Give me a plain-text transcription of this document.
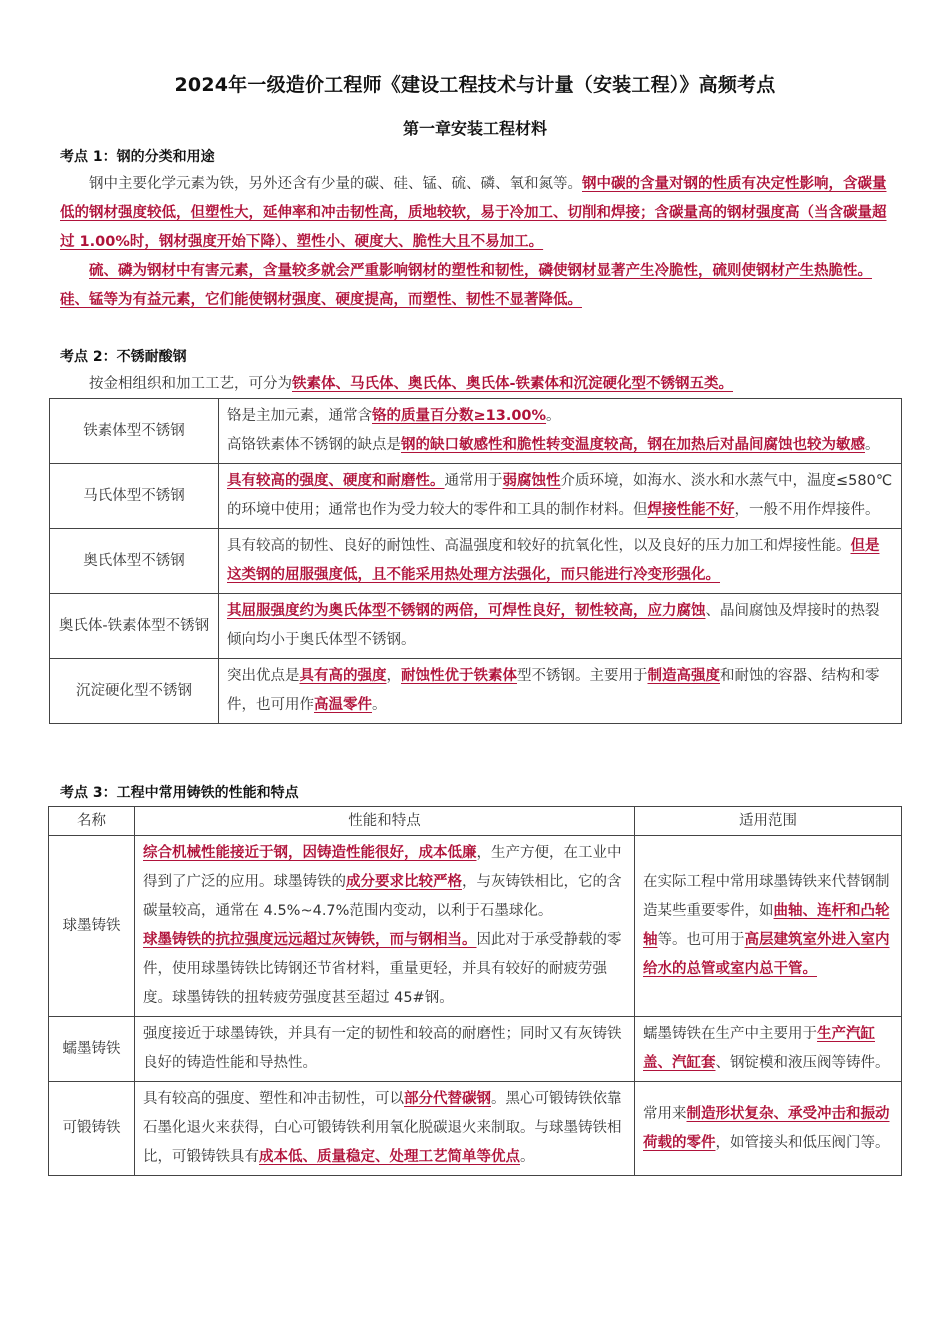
2024年一级造价工程师《建设工程技术与计量（安装工程）》高频考点
第一章安装工程材料
考点 1：钢的分类和用途
钢中主要化学元素为铁，另外还含有少量的碳、硅、锰、硫、磷、氧和氮等。钢中碳的含量对钢的性质有决定性影响，含碳量低的钢材强度较低，但塑性大，延伸率和冲击韧性高，质地较软，易于冷加工、切削和焊接；含碳量高的钢材强度高（当含碳量超过 1.00%时，钢材强度开始下降）、塑性小、硬度大、脆性大且不易加工。
硫、磷为钢材中有害元素，含量较多就会严重影响钢材的塑性和韧性，磷使钢材显著产生冷脆性，硫则使钢材产生热脆性。硅、锰等为有益元素，它们能使钢材强度、硬度提高，而塑性、韧性不显著降低。
考点 2：不锈耐酸钢
按金相组织和加工工艺，可分为铁素体、马氏体、奥氏体、奥氏体-铁素体和沉淀硬化型不锈钢五类。
铁素体型不锈钢	铬是主加元素，通常含铬的质量百分数≥13.00%。
高铬铁素体不锈钢的缺点是钢的缺口敏感性和脆性转变温度较高，钢在加热后对晶间腐蚀也较为敏感。
马氏体型不锈钢	具有较高的强度、硬度和耐磨性。通常用于弱腐蚀性介质环境，如海水、淡水和水蒸气中，温度≤580℃的环境中使用；通常也作为受力较大的零件和工具的制作材料。但焊接性能不好，一般不用作焊接件。
奥氏体型不锈钢	具有较高的韧性、良好的耐蚀性、高温强度和较好的抗氧化性，以及良好的压力加工和焊接性能。但是这类钢的屈服强度低，且不能采用热处理方法强化，而只能进行冷变形强化。
奥氏体-铁素体型不锈钢	其屈服强度约为奥氏体型不锈钢的两倍，可焊性良好，韧性较高，应力腐蚀、晶间腐蚀及焊接时的热裂倾向均小于奥氏体型不锈钢。
沉淀硬化型不锈钢	突出优点是具有高的强度，耐蚀性优于铁素体型不锈钢。主要用于制造高强度和耐蚀的容器、结构和零件，也可用作高温零件。
考点 3：工程中常用铸铁的性能和特点
名称	性能和特点	适用范围
球墨铸铁	综合机械性能接近于钢，因铸造性能很好，成本低廉，生产方便，在工业中得到了广泛的应用。球墨铸铁的成分要求比较严格，与灰铸铁相比，它的含碳量较高，通常在 4.5%~4.7%范围内变动，以利于石墨球化。
球墨铸铁的抗拉强度远远超过灰铸铁，而与钢相当。因此对于承受静载的零件，使用球墨铸铁比铸钢还节省材料，重量更轻，并具有较好的耐疲劳强度。球墨铸铁的扭转疲劳强度甚至超过 45#钢。	在实际工程中常用球墨铸铁来代替钢制造某些重要零件，如曲轴、连杆和凸轮轴等。也可用于高层建筑室外进入室内给水的总管或室内总干管。
蠕墨铸铁	强度接近于球墨铸铁，并具有一定的韧性和较高的耐磨性；同时又有灰铸铁良好的铸造性能和导热性。	蠕墨铸铁在生产中主要用于生产汽缸盖、汽缸套、钢锭模和液压阀等铸件。
可锻铸铁	具有较高的强度、塑性和冲击韧性，可以部分代替碳钢。黑心可锻铸铁依靠石墨化退火来获得，白心可锻铸铁利用氧化脱碳退火来制取。与球墨铸铁相比，可锻铸铁具有成本低、质量稳定、处理工艺简单等优点。	常用来制造形状复杂、承受冲击和振动荷载的零件，如管接头和低压阀门等。
